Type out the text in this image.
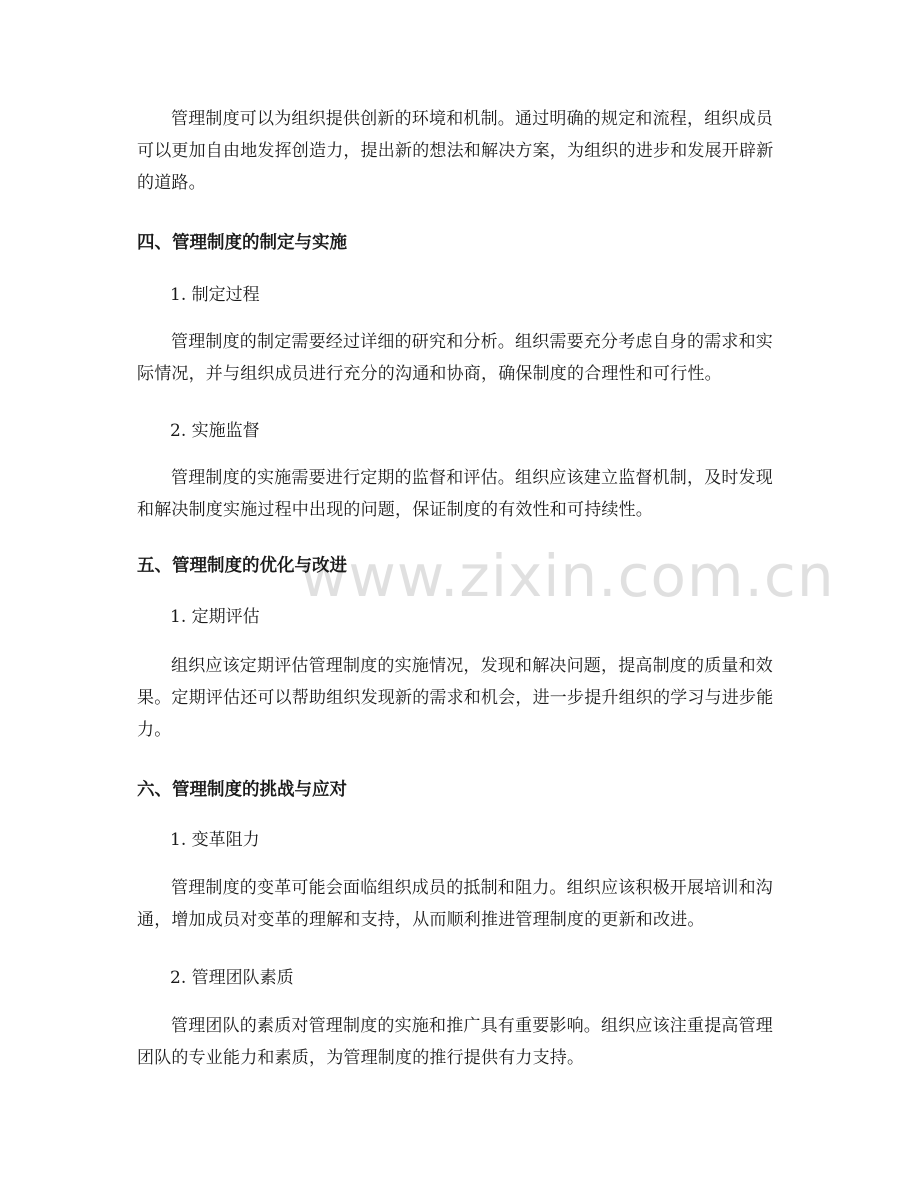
管理制度可以为组织提供创新的环境和机制。通过明确的规定和流程，组织成员可以更加自由地发挥创造力，提出新的想法和解决方案，为组织的进步和发展开辟新的道路。

四、管理制度的制定与实施

1. 制定过程

管理制度的制定需要经过详细的研究和分析。组织需要充分考虑自身的需求和实际情况，并与组织成员进行充分的沟通和协商，确保制度的合理性和可行性。

2. 实施监督

管理制度的实施需要进行定期的监督和评估。组织应该建立监督机制，及时发现和解决制度实施过程中出现的问题，保证制度的有效性和可持续性。

五、管理制度的优化与改进

1. 定期评估

组织应该定期评估管理制度的实施情况，发现和解决问题，提高制度的质量和效果。定期评估还可以帮助组织发现新的需求和机会，进一步提升组织的学习与进步能力。

六、管理制度的挑战与应对

1. 变革阻力

管理制度的变革可能会面临组织成员的抵制和阻力。组织应该积极开展培训和沟通，增加成员对变革的理解和支持，从而顺利推进管理制度的更新和改进。

2. 管理团队素质

管理团队的素质对管理制度的实施和推广具有重要影响。组织应该注重提高管理团队的专业能力和素质，为管理制度的推行提供有力支持。

www.zixin.com.cn
